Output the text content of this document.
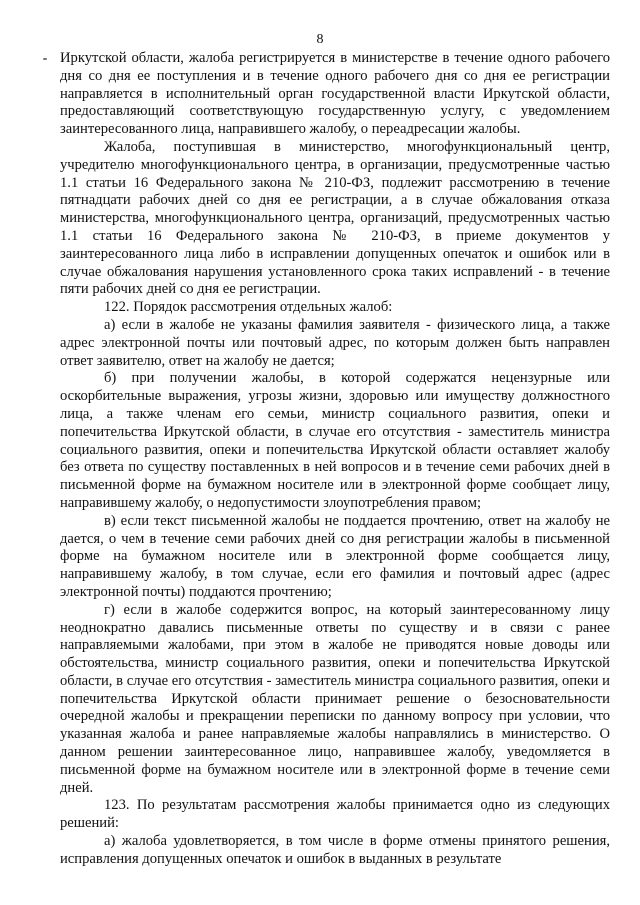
8

Иркутской области, жалоба регистрируется в министерстве в течение одного рабочего дня со дня ее поступления и в течение одного рабочего дня со дня ее регистрации направляется в исполнительный орган государственной власти Иркутской области, предоставляющий соответствующую государственную услугу, с уведомлением заинтересованного лица, направившего жалобу, о переадресации жалобы.

Жалоба, поступившая в министерство, многофункциональный центр, учредителю многофункционального центра, в организации, предусмотренные частью 1.1 статьи 16 Федерального закона № 210-ФЗ, подлежит рассмотрению в течение пятнадцати рабочих дней со дня ее регистрации, а в случае обжалования отказа министерства, многофункционального центра, организаций, предусмотренных частью 1.1 статьи 16 Федерального закона № 210-ФЗ, в приеме документов у заинтересованного лица либо в исправлении допущенных опечаток и ошибок или в случае обжалования нарушения установленного срока таких исправлений - в течение пяти рабочих дней со дня ее регистрации.

122. Порядок рассмотрения отдельных жалоб:

а) если в жалобе не указаны фамилия заявителя - физического лица, а также адрес электронной почты или почтовый адрес, по которым должен быть направлен ответ заявителю, ответ на жалобу не дается;

б) при получении жалобы, в которой содержатся нецензурные или оскорбительные выражения, угрозы жизни, здоровью или имуществу должностного лица, а также членам его семьи, министр социального развития, опеки и попечительства Иркутской области, в случае его отсутствия - заместитель министра социального развития, опеки и попечительства Иркутской области оставляет жалобу без ответа по существу поставленных в ней вопросов и в течение семи рабочих дней в письменной форме на бумажном носителе или в электронной форме сообщает лицу, направившему жалобу, о недопустимости злоупотребления правом;

в) если текст письменной жалобы не поддается прочтению, ответ на жалобу не дается, о чем в течение семи рабочих дней со дня регистрации жалобы в письменной форме на бумажном носителе или в электронной форме сообщается лицу, направившему жалобу, в том случае, если его фамилия и почтовый адрес (адрес электронной почты) поддаются прочтению;

г) если в жалобе содержится вопрос, на который заинтересованному лицу неоднократно давались письменные ответы по существу и в связи с ранее направляемыми жалобами, при этом в жалобе не приводятся новые доводы или обстоятельства, министр социального развития, опеки и попечительства Иркутской области, в случае его отсутствия - заместитель министра социального развития, опеки и попечительства Иркутской области принимает решение о безосновательности очередной жалобы и прекращении переписки по данному вопросу при условии, что указанная жалоба и ранее направляемые жалобы направлялись в министерство. О данном решении заинтересованное лицо, направившее жалобу, уведомляется в письменной форме на бумажном носителе или в электронной форме в течение семи дней.

123. По результатам рассмотрения жалобы принимается одно из следующих решений:

а) жалоба удовлетворяется, в том числе в форме отмены принятого решения, исправления допущенных опечаток и ошибок в выданных в результате
